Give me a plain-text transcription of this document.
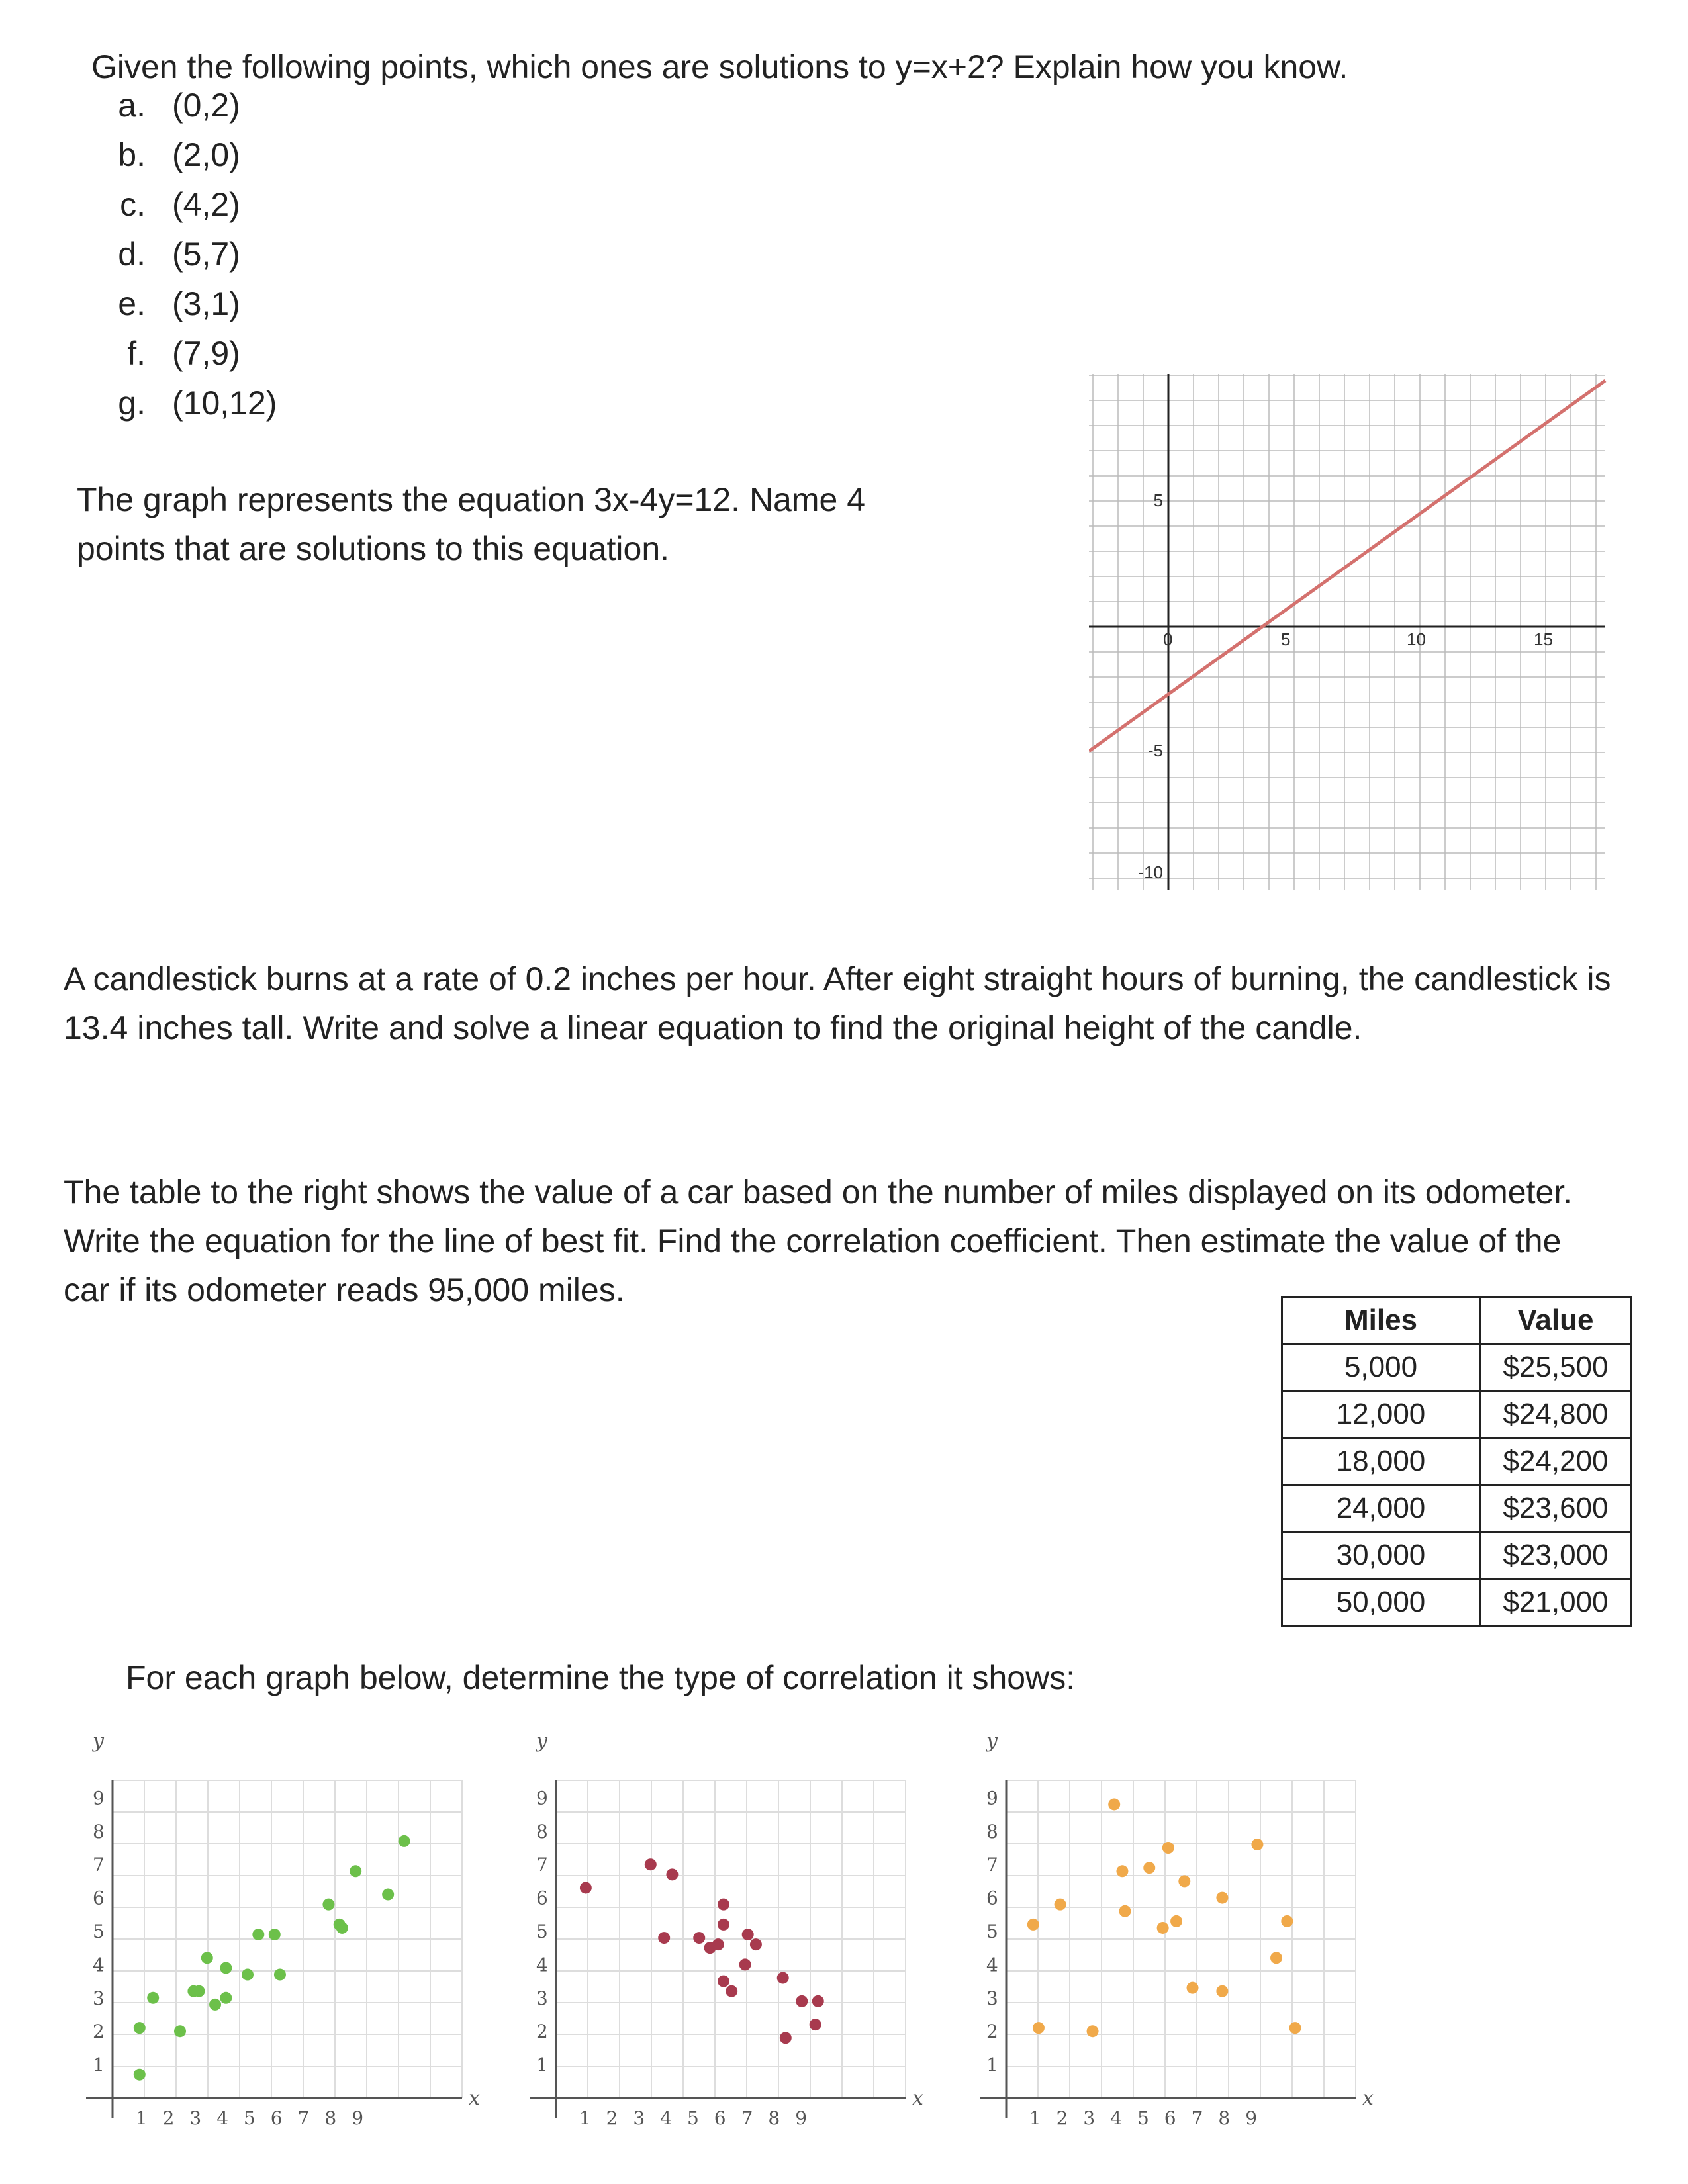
Given the following points, which ones are solutions to y=x+2? Explain how you know.
a. (0,2)
b. (2,0)
c. (4,2)
d. (5,7)
e. (3,1)
f. (7,9)
g. (10,12)
The graph represents the equation 3x-4y=12. Name 4
points that are solutions to this equation.
0	5	10	15
5
-5
-10
A candlestick burns at a rate of 0.2 inches per hour. After eight straight hours of burning, the candlestick is 13.4 inches tall. Write and solve a linear equation to find the original height of the candle.
The table to the right shows the value of a car based on the number of miles displayed on its odometer. Write the equation for the line of best fit. Find the correlation coefficient. Then estimate the value of the car if its odometer reads 95,000 miles.
Miles	Value
5,000	$25,500
12,000	$24,800
18,000	$24,200
24,000	$23,600
30,000	$23,000
50,000	$21,000
For each graph below, determine the type of correlation it shows:
1
1
2
2
3
3
4
4
5
5
6
6
7
7
8
8
9
9
x
y
1
1
2
2
3
3
4
4
5
5
6
6
7
7
8
8
9
9
x
y
1
1
2
2
3
3
4
4
5
5
6
6
7
7
8
8
9
9
x
y
